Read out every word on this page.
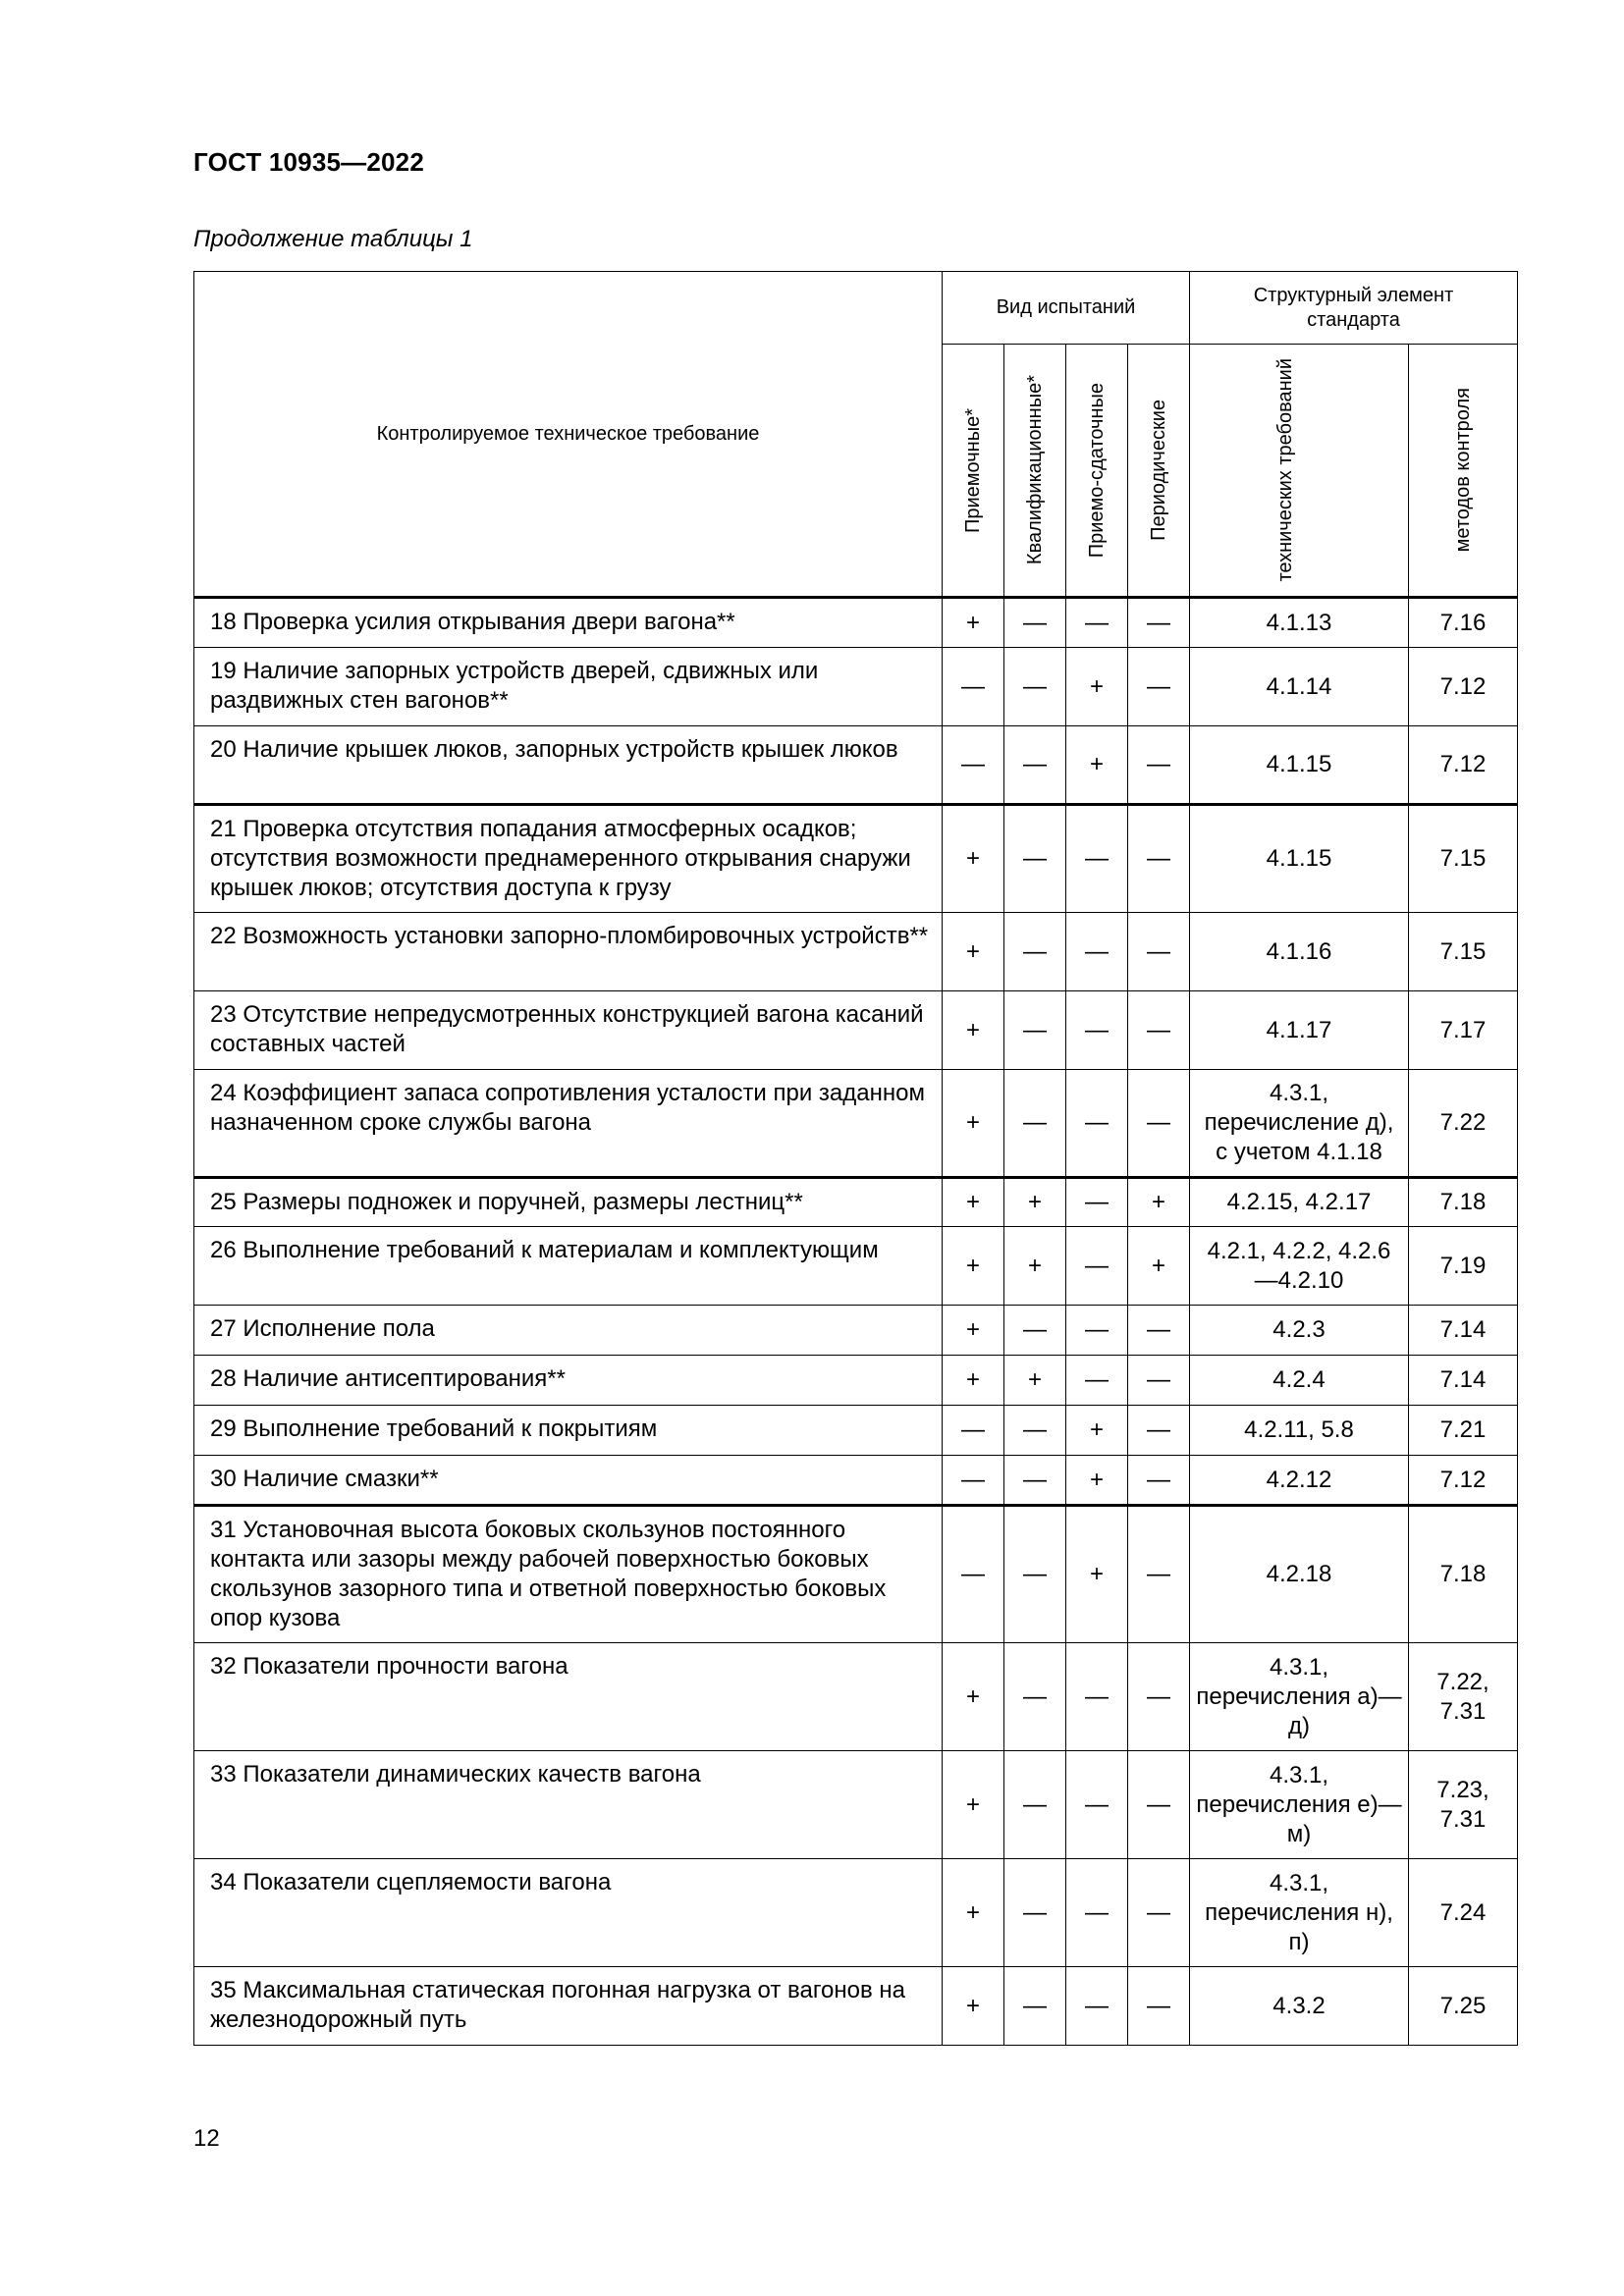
ГОСТ 10935—2022
Продолжение таблицы 1
Контролируемое техническое требование	Вид испытаний				Структурный элемент стандарта	

	Приемочные*	Квалификационные*	Приемо-сдаточные	Периодические	технических требований	методов контроля

18 Проверка усилия открывания двери вагона**	+	—	—	—	4.1.13	7.16
19 Наличие запорных устройств дверей, сдвижных или раздвижных стен вагонов**	—	—	+	—	4.1.14	7.12
20 Наличие крышек люков, запорных устройств крышек люков	—	—	+	—	4.1.15	7.12
21 Проверка отсутствия попадания атмосферных осадков; отсутствия возможности преднамеренного открывания снаружи крышек люков; отсутствия доступа к грузу	+	—	—	—	4.1.15	7.15
22 Возможность установки запорно-пломбировочных устройств**	+	—	—	—	4.1.16	7.15
23 Отсутствие непредусмотренных конструкцией вагона касаний составных частей	+	—	—	—	4.1.17	7.17
24 Коэффициент запаса сопротивления усталости при заданном назначенном сроке службы вагона	+	—	—	—	4.3.1, перечисление д), с учетом 4.1.18	7.22
25 Размеры подножек и поручней, размеры лестниц**	+	+	—	+	4.2.15, 4.2.17	7.18
26 Выполнение требований к материалам и комплектующим	+	+	—	+	4.2.1, 4.2.2, 4.2.6—4.2.10	7.19
27 Исполнение пола	+	—	—	—	4.2.3	7.14
28 Наличие антисептирования**	+	+	—	—	4.2.4	7.14
29 Выполнение требований к покрытиям	—	—	+	—	4.2.11, 5.8	7.21
30 Наличие смазки**	—	—	+	—	4.2.12	7.12
31 Установочная высота боковых скользунов постоянного контакта или зазоры между рабочей поверхностью боковых скользунов зазорного типа и ответной поверхностью боковых опор кузова	—	—	+	—	4.2.18	7.18
32 Показатели прочности вагона	+	—	—	—	4.3.1, перечисления а)—д)	7.22, 7.31
33 Показатели динамических качеств вагона	+	—	—	—	4.3.1, перечисления е)—м)	7.23, 7.31
34 Показатели сцепляемости вагона	+	—	—	—	4.3.1, перечисления н), п)	7.24
35 Максимальная статическая погонная нагрузка от вагонов на железнодорожный путь	+	—	—	—	4.3.2	7.25
12
